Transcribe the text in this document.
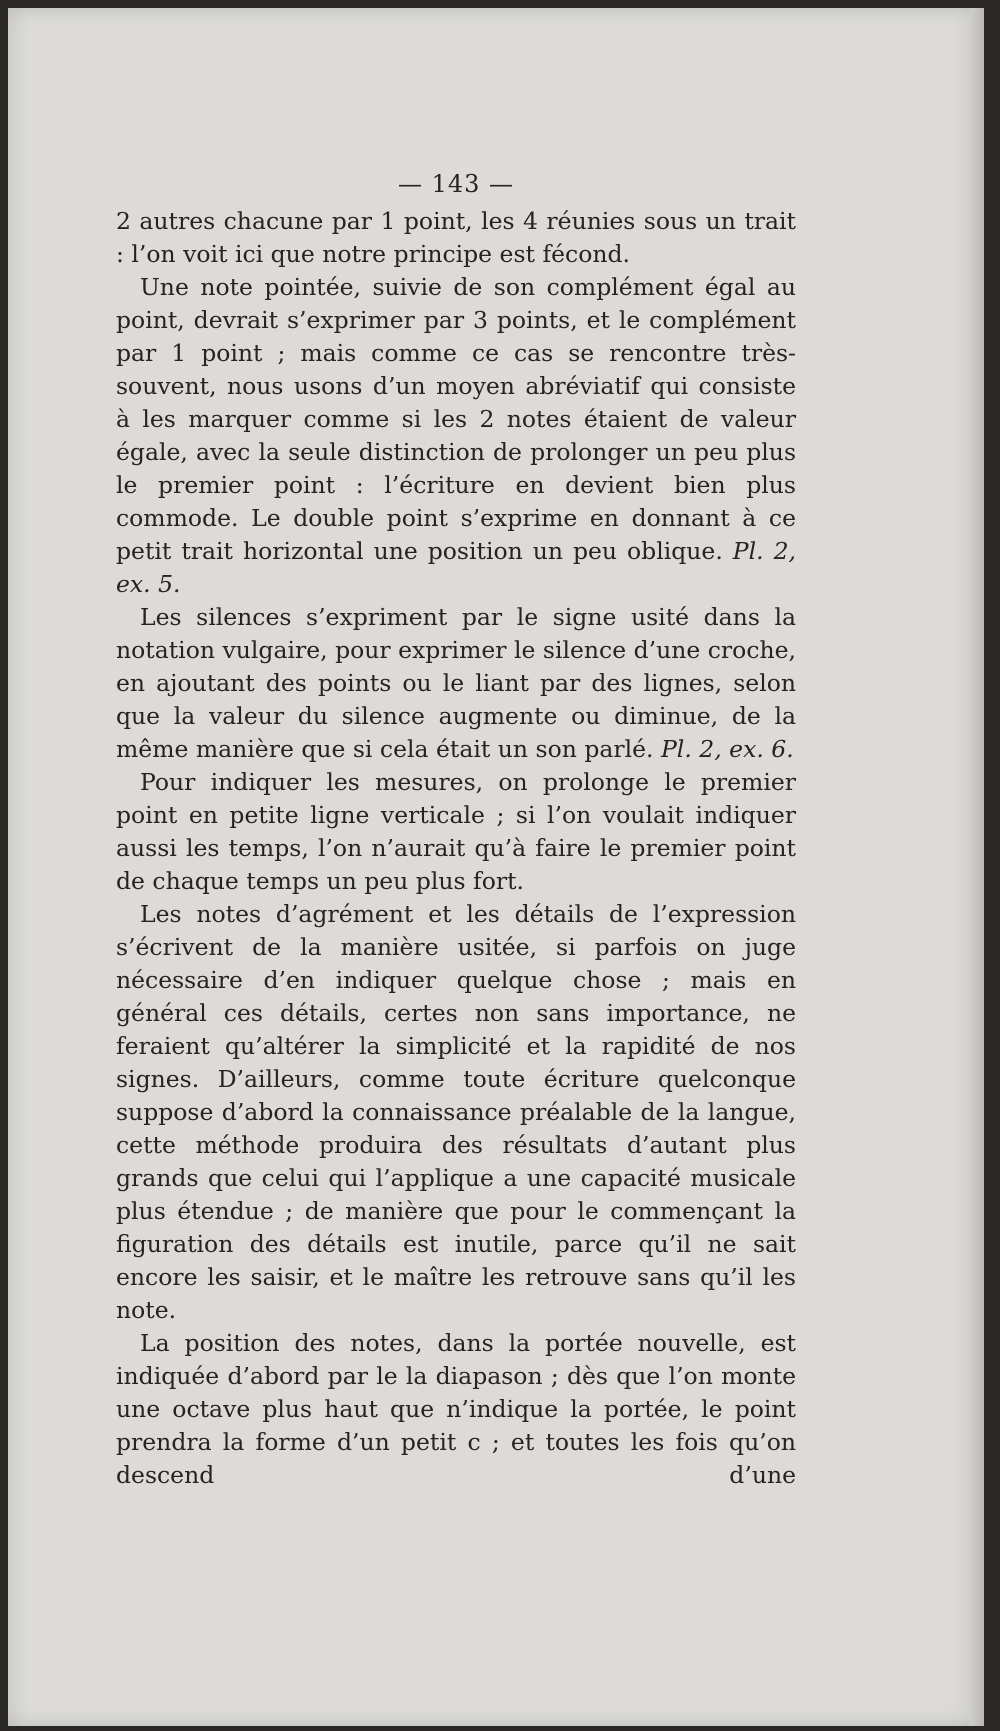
— 143 —

2 autres chacune par 1 point, les 4 réunies sous un trait : l’on voit ici que notre principe est fécond.

Une note pointée, suivie de son complément égal au point, devrait s’exprimer par 3 points, et le complément par 1 point ; mais comme ce cas se rencontre très-souvent, nous usons d’un moyen abréviatif qui consiste à les marquer comme si les 2 notes étaient de valeur égale, avec la seule distinction de prolonger un peu plus le premier point : l’écriture en devient bien plus commode. Le double point s’exprime en donnant à ce petit trait horizontal une position un peu oblique. Pl. 2, ex. 5.

Les silences s’expriment par le signe usité dans la notation vulgaire, pour exprimer le silence d’une croche, en ajoutant des points ou le liant par des lignes, selon que la valeur du silence augmente ou diminue, de la même manière que si cela était un son parlé. Pl. 2, ex. 6.

Pour indiquer les mesures, on prolonge le premier point en petite ligne verticale ; si l’on voulait indiquer aussi les temps, l’on n’aurait qu’à faire le premier point de chaque temps un peu plus fort.

Les notes d’agrément et les détails de l’expression s’écrivent de la manière usitée, si parfois on juge nécessaire d’en indiquer quelque chose ; mais en général ces détails, certes non sans importance, ne feraient qu’altérer la simplicité et la rapidité de nos signes. D’ailleurs, comme toute écriture quelconque suppose d’abord la connaissance préalable de la langue, cette méthode produira des résultats d’autant plus grands que celui qui l’applique a une capacité musicale plus étendue ; de manière que pour le commençant la figuration des détails est inutile, parce qu’il ne sait encore les saisir, et le maître les retrouve sans qu’il les note.

La position des notes, dans la portée nouvelle, est indiquée d’abord par le la diapason ; dès que l’on monte une octave plus haut que n’indique la portée, le point prendra la forme d’un petit c ; et toutes les fois qu’on descend d’une
